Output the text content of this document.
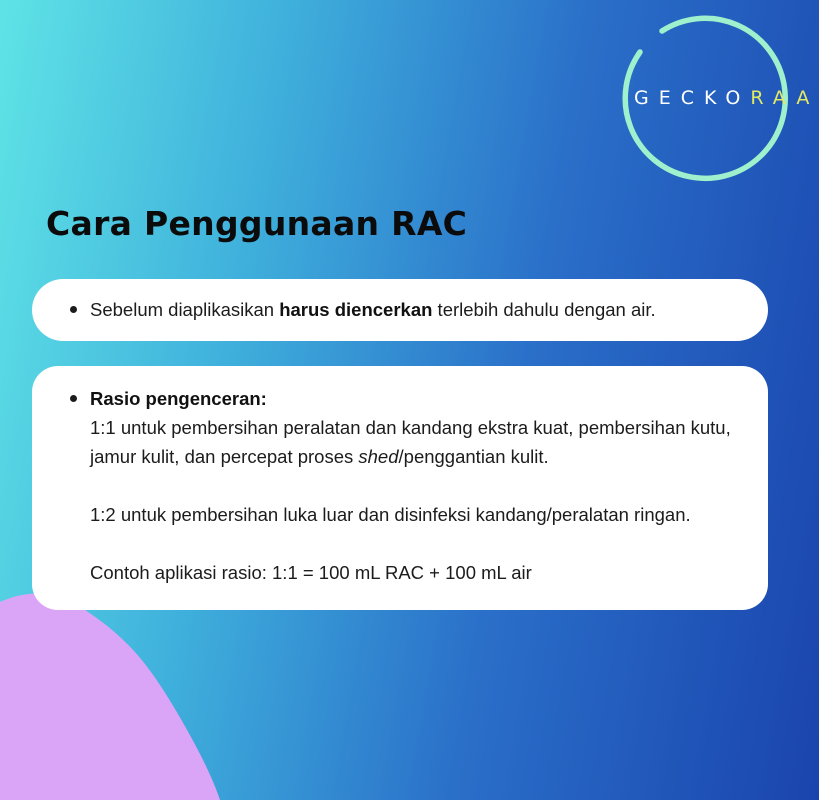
GECKO RAA
Cara Penggunaan RAC
Sebelum diaplikasikan harus diencerkan terlebih dahulu dengan air.
Rasio pengenceran:
1:1 untuk pembersihan peralatan dan kandang ekstra kuat, pembersihan kutu,
jamur kulit, dan percepat proses shed/penggantian kulit.
1:2 untuk pembersihan luka luar dan disinfeksi kandang/peralatan ringan.
Contoh aplikasi rasio: 1:1 = 100 mL RAC + 100 mL air
